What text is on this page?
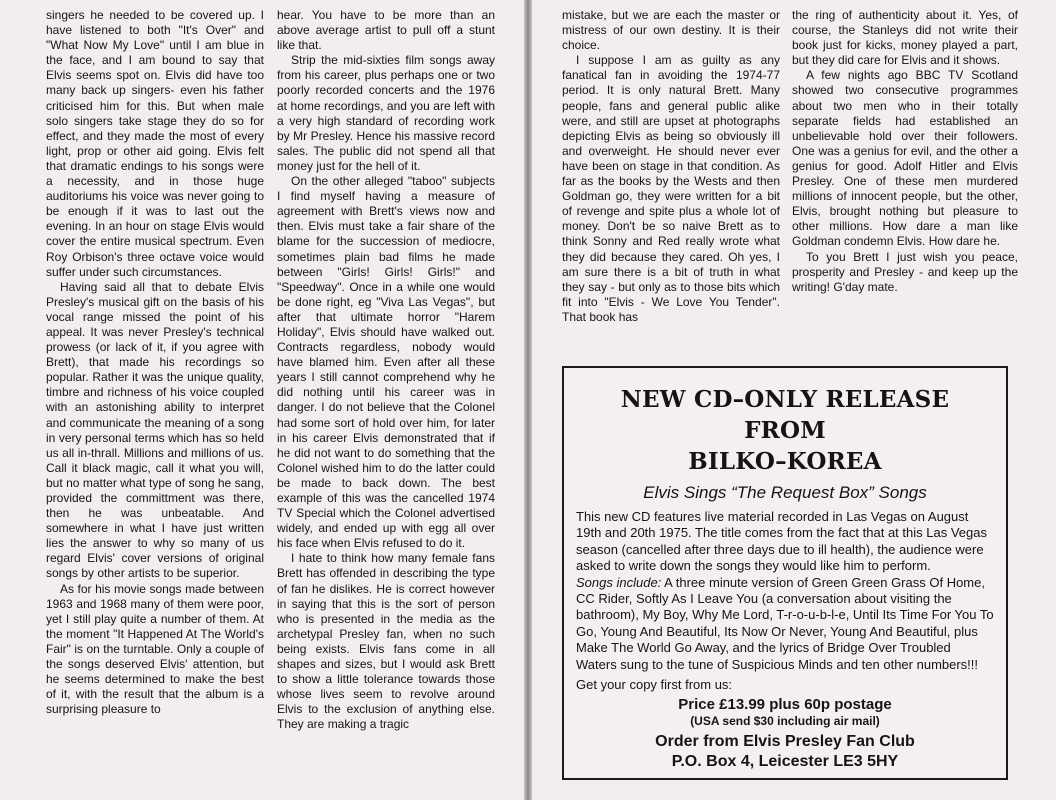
singers he needed to be covered up. I have listened to both "It's Over" and "What Now My Love" until I am blue in the face, and I am bound to say that Elvis seems spot on. Elvis did have too many back up singers- even his father criticised him for this. But when male solo singers take stage they do so for effect, and they made the most of every light, prop or other aid going. Elvis felt that dramatic endings to his songs were a necessity, and in those huge auditoriums his voice was never going to be enough if it was to last out the evening. In an hour on stage Elvis would cover the entire musical spectrum. Even Roy Orbison's three octave voice would suffer under such circumstances.

Having said all that to debate Elvis Presley's musical gift on the basis of his vocal range missed the point of his appeal. It was never Presley's technical prowess (or lack of it, if you agree with Brett), that made his recordings so popular. Rather it was the unique quality, timbre and richness of his voice coupled with an astonishing ability to interpret and communicate the meaning of a song in very personal terms which has so held us all in-thrall. Millions and millions of us. Call it black magic, call it what you will, but no matter what type of song he sang, provided the committment was there, then he was unbeatable. And somewhere in what I have just written lies the answer to why so many of us regard Elvis' cover versions of original songs by other artists to be superior.

As for his movie songs made between 1963 and 1968 many of them were poor, yet I still play quite a number of them. At the moment "It Happened At The World's Fair" is on the turntable. Only a couple of the songs deserved Elvis' attention, but he seems determined to make the best of it, with the result that the album is a surprising pleasure to

hear. You have to be more than an above average artist to pull off a stunt like that.

Strip the mid-sixties film songs away from his career, plus perhaps one or two poorly recorded concerts and the 1976 at home recordings, and you are left with a very high standard of recording work by Mr Presley. Hence his massive record sales. The public did not spend all that money just for the hell of it.

On the other alleged "taboo" subjects I find myself having a measure of agreement with Brett's views now and then. Elvis must take a fair share of the blame for the succession of mediocre, sometimes plain bad films he made between "Girls! Girls! Girls!" and "Speedway". Once in a while one would be done right, eg "Viva Las Vegas", but after that ultimate horror "Harem Holiday", Elvis should have walked out. Contracts regardless, nobody would have blamed him. Even after all these years I still cannot comprehend why he did nothing until his career was in danger. I do not believe that the Colonel had some sort of hold over him, for later in his career Elvis demonstrated that if he did not want to do something that the Colonel wished him to do the latter could be made to back down. The best example of this was the cancelled 1974 TV Special which the Colonel advertised widely, and ended up with egg all over his face when Elvis refused to do it.

I hate to think how many female fans Brett has offended in describing the type of fan he dislikes. He is correct however in saying that this is the sort of person who is presented in the media as the archetypal Presley fan, when no such being exists. Elvis fans come in all shapes and sizes, but I would ask Brett to show a little tolerance towards those whose lives seem to revolve around Elvis to the exclusion of anything else. They are making a tragic

mistake, but we are each the master or mistress of our own destiny. It is their choice.

I suppose I am as guilty as any fanatical fan in avoiding the 1974-77 period. It is only natural Brett. Many people, fans and general public alike were, and still are upset at photographs depicting Elvis as being so obviously ill and overweight. He should never ever have been on stage in that condition. As far as the books by the Wests and then Goldman go, they were written for a bit of revenge and spite plus a whole lot of money. Don't be so naive Brett as to think Sonny and Red really wrote what they did because they cared. Oh yes, I am sure there is a bit of truth in what they say - but only as to those bits which fit into "Elvis - We Love You Tender". That book has

the ring of authenticity about it. Yes, of course, the Stanleys did not write their book just for kicks, money played a part, but they did care for Elvis and it shows.

A few nights ago BBC TV Scotland showed two consecutive programmes about two men who in their totally separate fields had established an unbelievable hold over their followers. One was a genius for evil, and the other a genius for good. Adolf Hitler and Elvis Presley. One of these men murdered millions of innocent people, but the other, Elvis, brought nothing but pleasure to other millions. How dare a man like Goldman condemn Elvis. How dare he.

To you Brett I just wish you peace, prosperity and Presley - and keep up the writing! G'day mate.

NEW CD–ONLY RELEASE FROM
BILKO–KOREA
Elvis Sings “The Request Box” Songs

This new CD features live material recorded in Las Vegas on August 19th and 20th 1975. The title comes from the fact that at this Las Vegas season (cancelled after three days due to ill health), the audience were asked to write down the songs they would like him to perform.

Songs include: A three minute version of Green Green Grass Of Home, CC Rider, Softly As I Leave You (a conversation about visiting the bathroom), My Boy, Why Me Lord, T-r-o-u-b-l-e, Until Its Time For You To Go, Young And Beautiful, Its Now Or Never, Young And Beautiful, plus Make The World Go Away, and the lyrics of Bridge Over Troubled Waters sung to the tune of Suspicious Minds and ten other numbers!!!

Get your copy first from us:
Price £13.99 plus 60p postage
(USA send $30 including air mail)
Order from Elvis Presley Fan Club
P.O. Box 4, Leicester LE3 5HY
